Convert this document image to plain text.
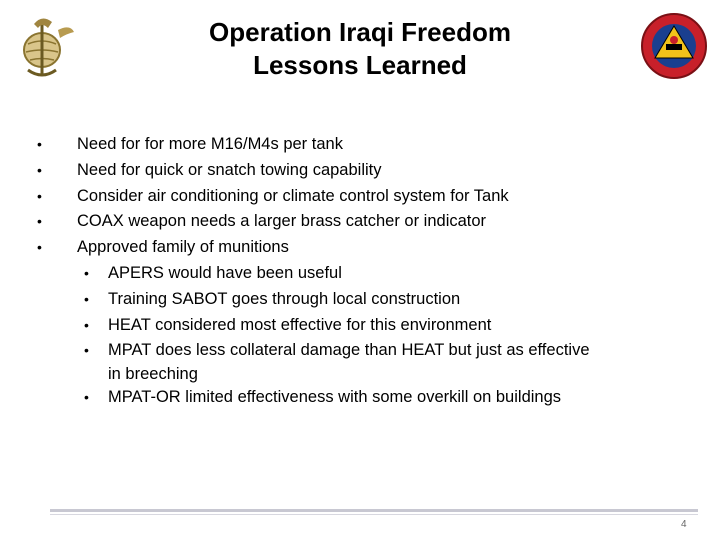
Operation Iraqi Freedom
Lessons Learned
• Need for for more M16/M4s per tank
• Need for quick or snatch towing capability
• Consider air conditioning or climate control system for Tank
• COAX weapon needs a larger brass catcher or indicator
• Approved family of munitions
• APERS would have been useful
• Training SABOT goes through local construction
• HEAT considered most effective for this environment
• MPAT does less collateral damage than HEAT but just as effective
in breeching
• MPAT-OR limited effectiveness with some overkill on buildings
4
